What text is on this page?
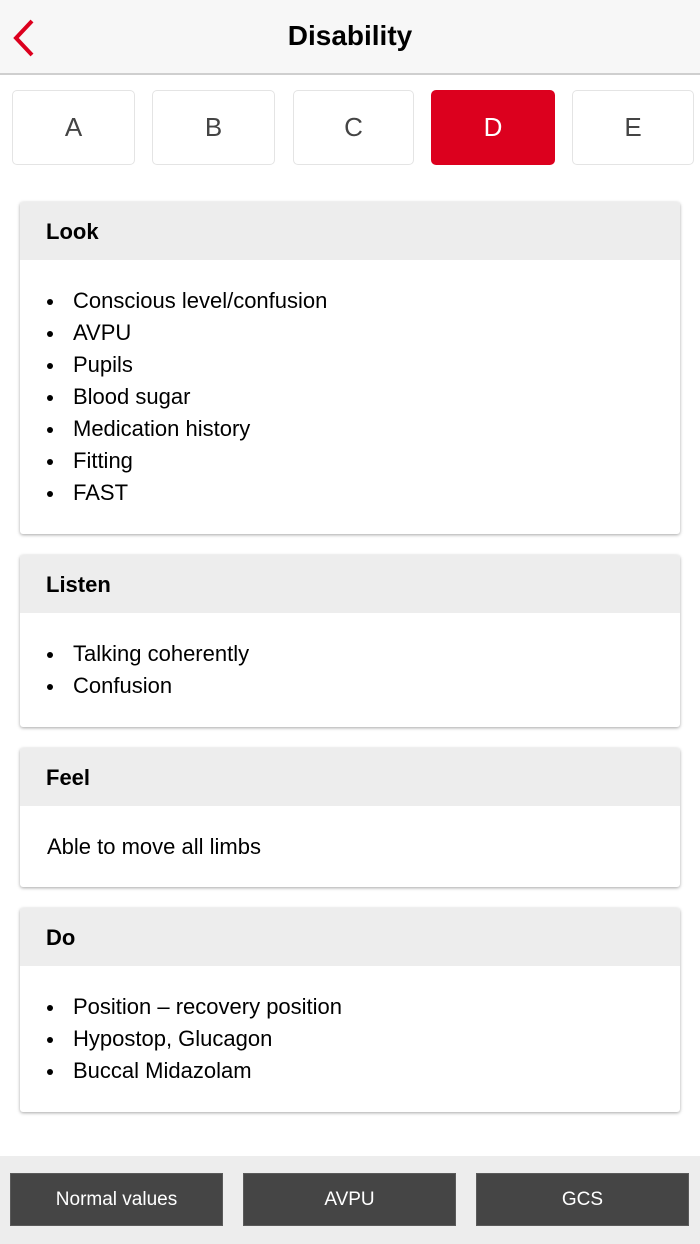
Disability
A	B	C	D	E
Look
Conscious level/confusion
AVPU
Pupils
Blood sugar
Medication history
Fitting
FAST
Listen
Talking coherently
Confusion
Feel

Able to move all limbs

Do
Position – recovery position
Hypostop, Glucagon
Buccal Midazolam
Normal values	AVPU	GCS
